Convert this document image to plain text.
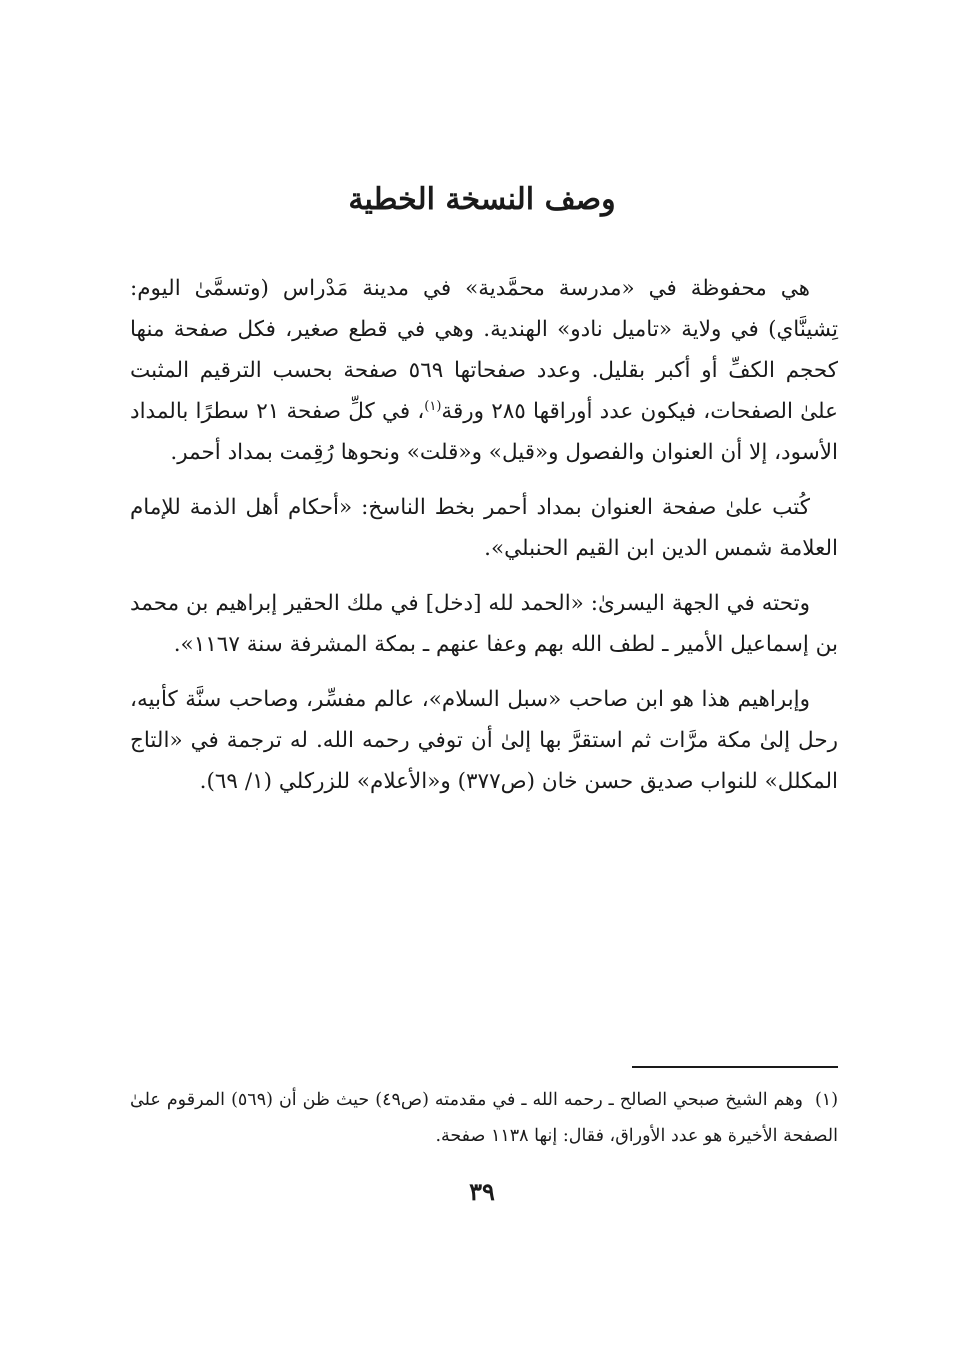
وصف النسخة الخطية

هي محفوظة في «مدرسة محمَّدية» في مدينة مَدْراس (وتسمَّىٰ اليوم: تِشينَّاي) في ولاية «تاميل نادو» الهندية. وهي في قطع صغير، فكل صفحة منها كحجم الكفِّ أو أكبر بقليل. وعدد صفحاتها ٥٦٩ صفحة بحسب الترقيم المثبت علىٰ الصفحات، فيكون عدد أوراقها ٢٨٥ ورقة$^{(١)}$، في كلِّ صفحة ٢١ سطرًا بالمداد الأسود، إلا أن العنوان والفصول و«قيل» و«قلت» ونحوها رُقِمت بمداد أحمر.

كُتب علىٰ صفحة العنوان بمداد أحمر بخط الناسخ: «أحكام أهل الذمة للإمام العلامة شمس الدين ابن القيم الحنبلي».

وتحته في الجهة اليسرىٰ: «الحمد لله [دخل] في ملك الحقير إبراهيم بن محمد بن إسماعيل الأمير ـ لطف الله بهم وعفا عنهم ـ بمكة المشرفة سنة ١١٦٧».

وإبراهيم هذا هو ابن صاحب «سبل السلام»، عالم مفسِّر، وصاحب سنَّة كأبيه، رحل إلىٰ مكة مرَّات ثم استقرَّ بها إلىٰ أن توفي رحمه الله. له ترجمة في «التاج المكلل» للنواب صديق حسن خان (ص٣٧٧) و«الأعلام» للزركلي (١/ ٦٩).

(١) وهم الشيخ صبحي الصالح ـ رحمه الله ـ في مقدمته (ص٤٩) حيث ظن أن (٥٦٩) المرقوم علىٰ الصفحة الأخيرة هو عدد الأوراق، فقال: إنها ١١٣٨ صفحة.

٣٩
